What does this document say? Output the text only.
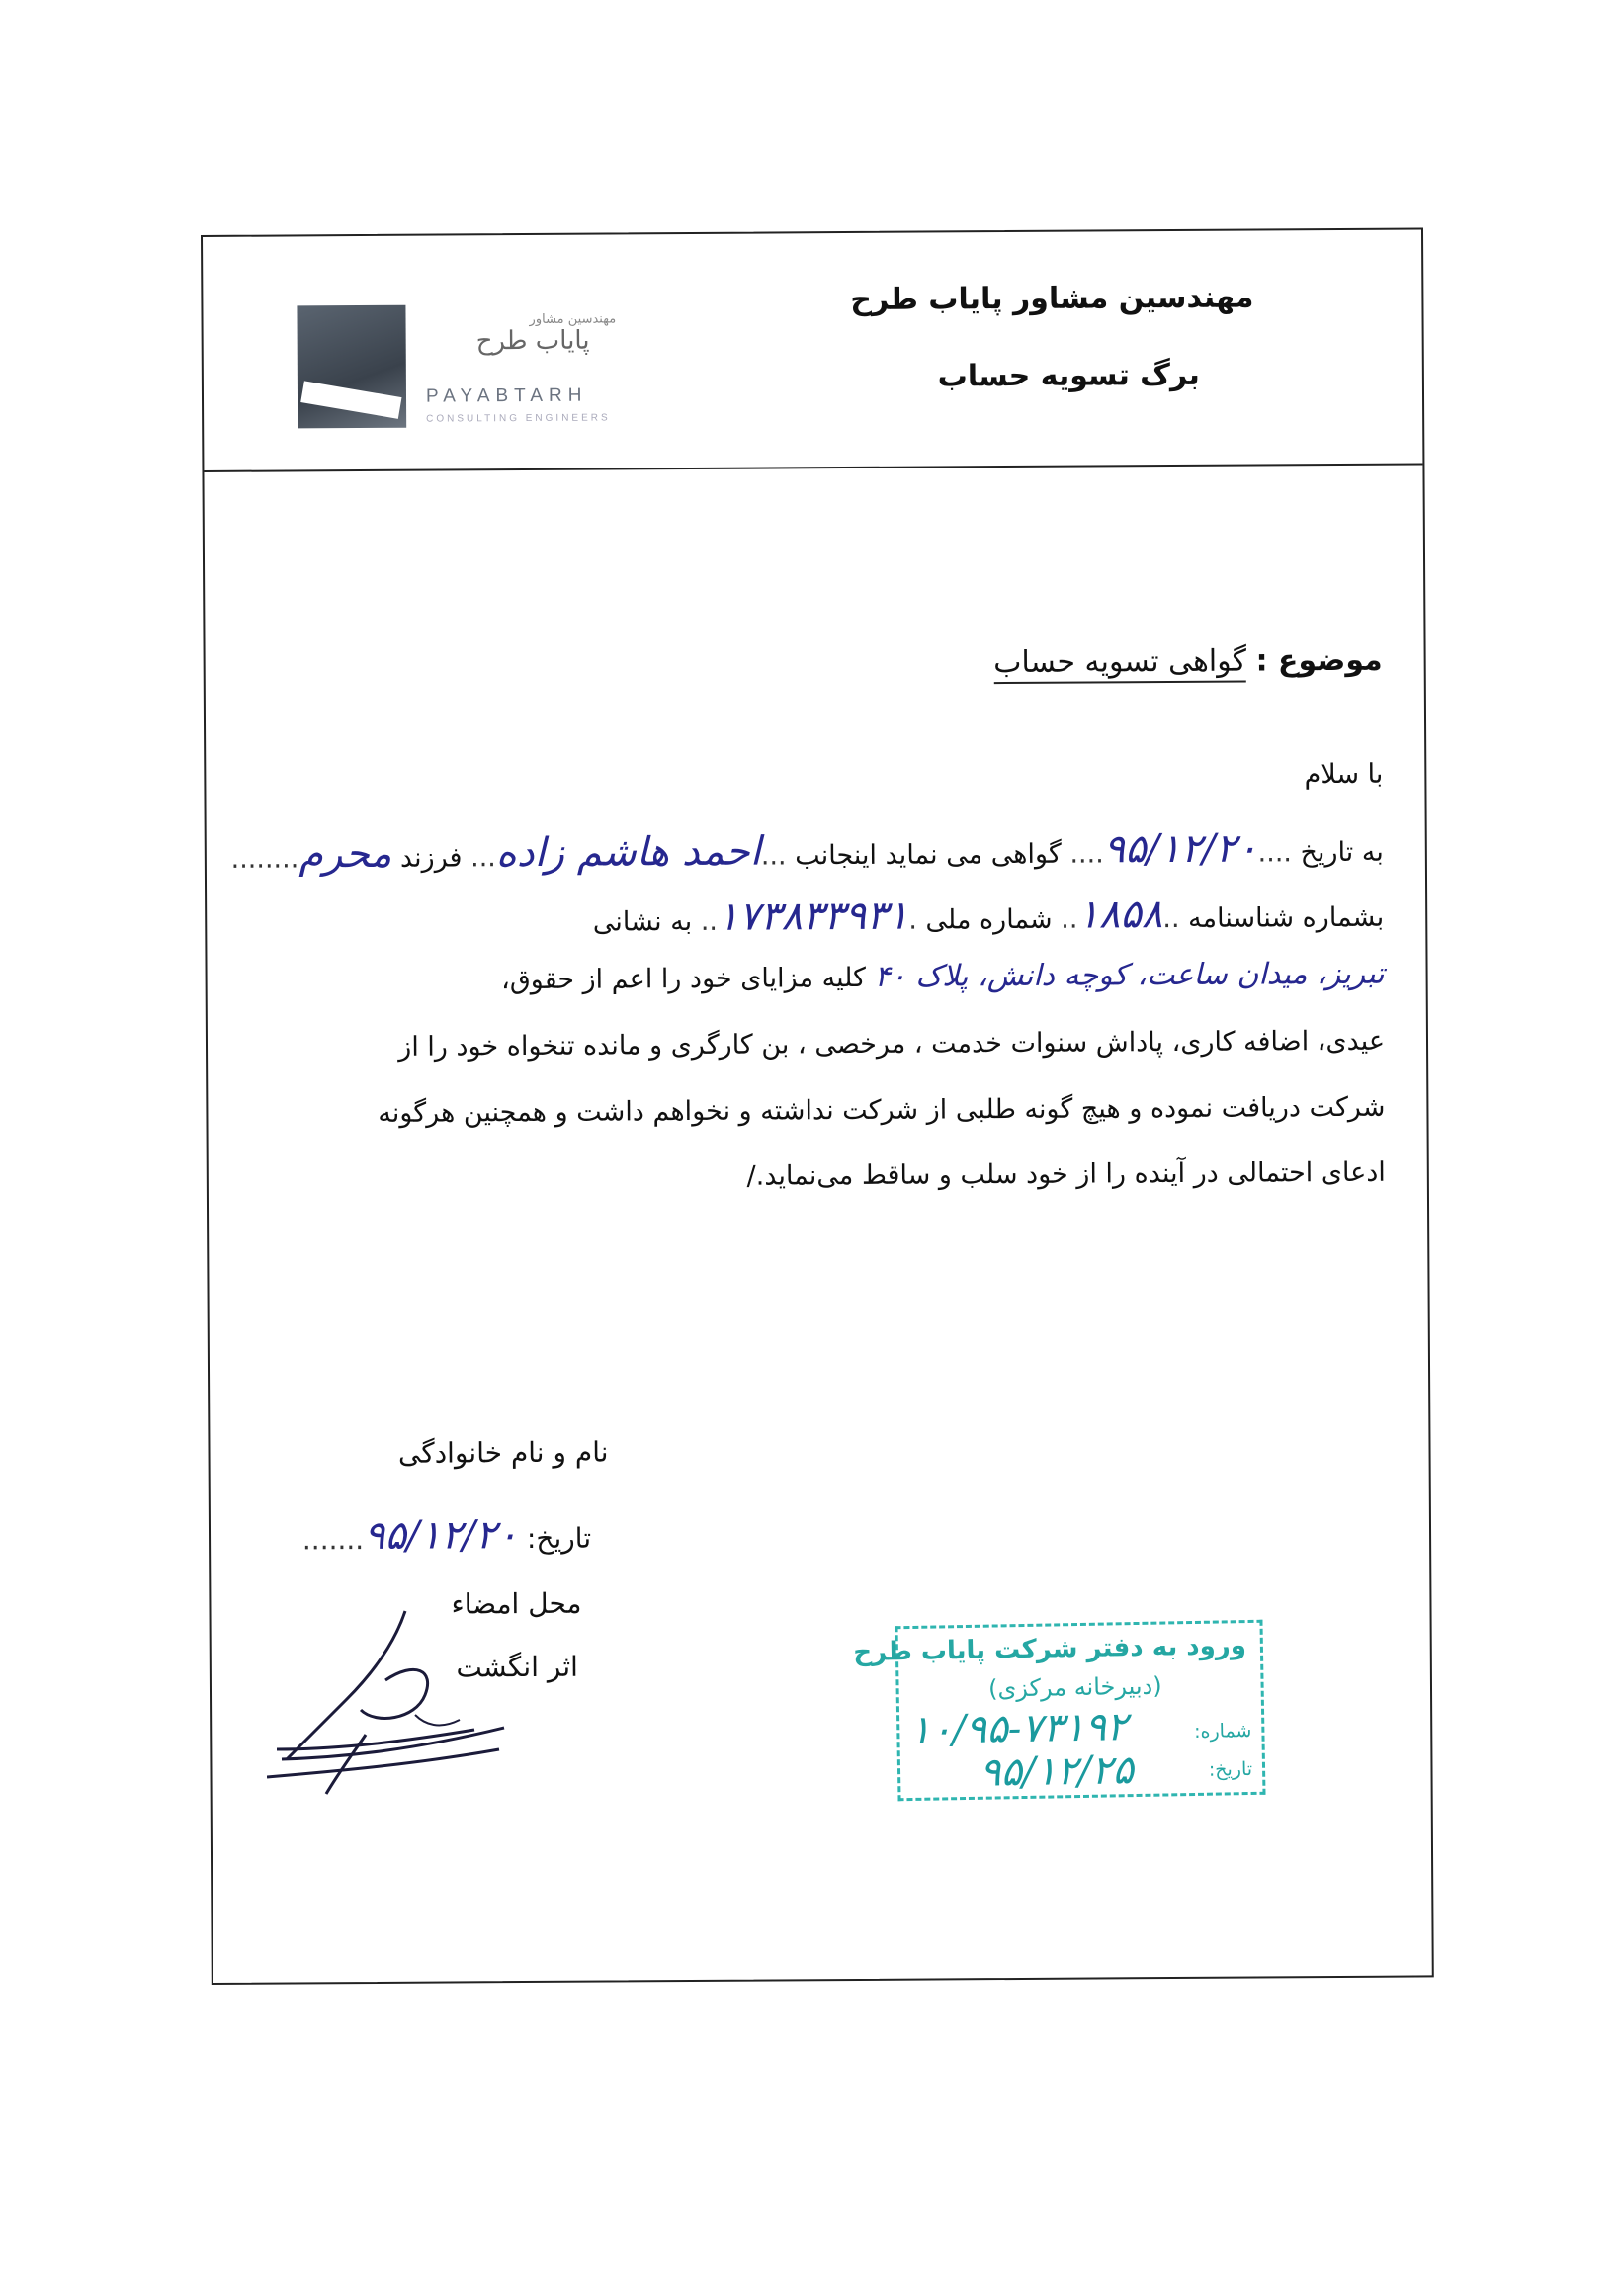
مهندسین مشاور
پایاب طرح
PAYABTARH
CONSULTING ENGINEERS
مهندسین مشاور پایاب طرح
برگ تسویه حساب
موضوع : گواهی تسویه حساب
با سلام
به تاریخ ....۹۵/۱۲/۲۰.... گواهی می نماید اینجانب ...احمد هاشم زاده... فرزند محرم........
بشماره شناسنامه ..۱۸۵۸.. شماره ملی .۱۷۳۸۳۳۹۳۱.. به نشانی
تبریز، میدان ساعت، کوچه دانش، پلاک ۴۰ کلیه مزایای خود را اعم از حقوق،
عیدی، اضافه کاری، پاداش سنوات خدمت ، مرخصی ، بن کارگری و مانده تنخواه خود را از
شرکت دریافت نموده و هیچ گونه طلبی از شرکت نداشته و نخواهم داشت و همچنین هرگونه
ادعای احتمالی در آینده را از خود سلب و ساقط می‌نماید./
نام و نام خانوادگی
تاریخ: ۹۵/۱۲/۲۰.......
محل امضاء
اثر انگشت	ورود به دفتر شرکت پایاب طرح
(دبیرخانه مرکزی)
شماره:
تاریخ:
۱۰/۹۵-۷۳۱۹۲
۹۵/۱۲/۲۵
